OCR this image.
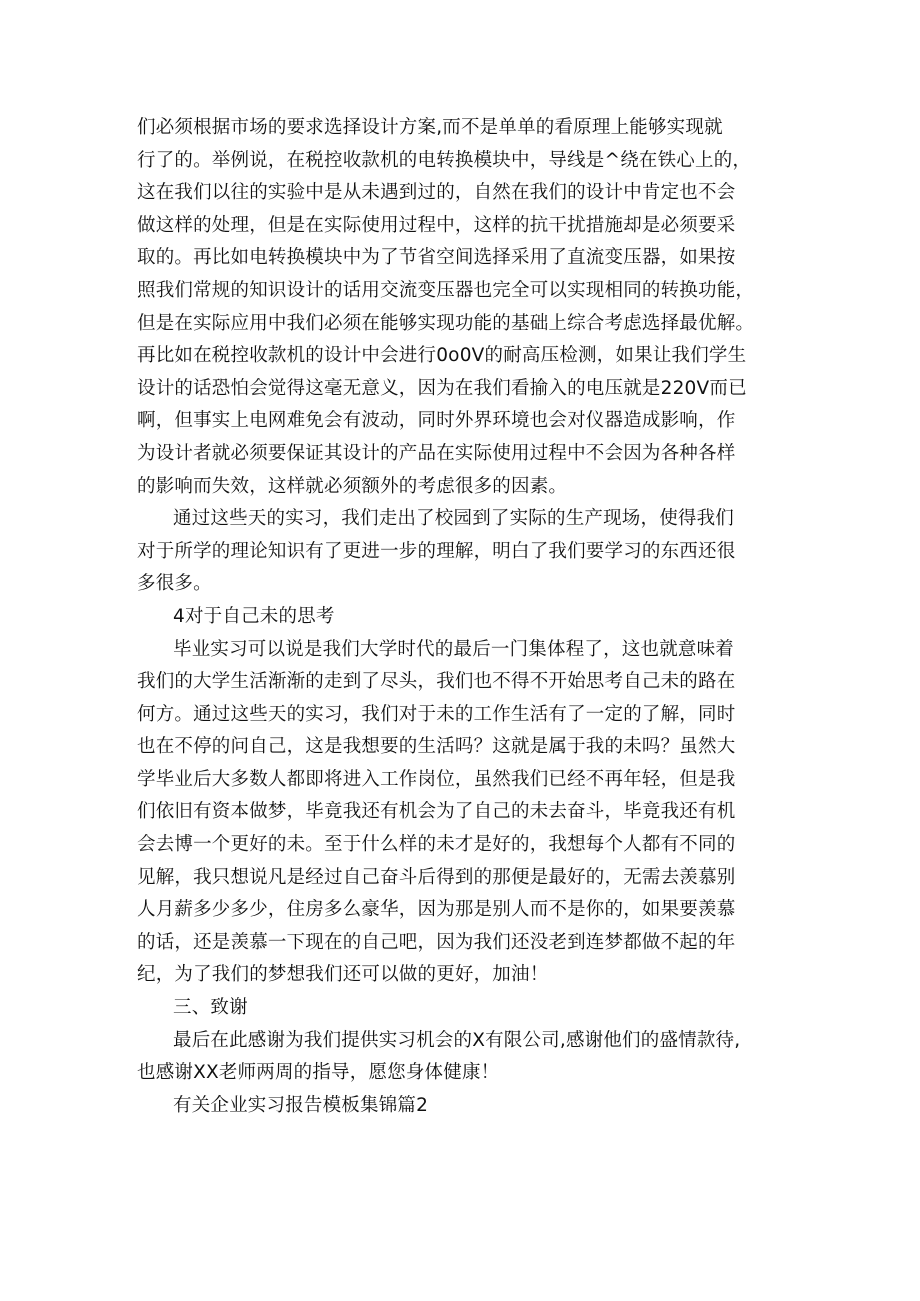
们必须根据市场的要求选择设计方案,而不是单单的看原理上能够实现就
行了的。举例说，在税控收款机的电转换模块中，导线是^绕在铁心上的，
这在我们以往的实验中是从未遇到过的，自然在我们的设计中肯定也不会
做这样的处理，但是在实际使用过程中，这样的抗干扰措施却是必须要采
取的。再比如电转换模块中为了节省空间选择采用了直流变压器，如果按
照我们常规的知识设计的话用交流变压器也完全可以实现相同的转换功能，
但是在实际应用中我们必须在能够实现功能的基础上综合考虑选择最优解。
再比如在税控收款机的设计中会进行0o0V的耐高压检测，如果让我们学生
设计的话恐怕会觉得这毫无意义，因为在我们看揄入的电压就是220V而已
啊，但事实上电网难免会有波动，同时外界环境也会对仪器造成影响，作
为设计者就必须要保证其设计的产品在实际使用过程中不会因为各种各样
的影响而失效，这样就必须额外的考虑很多的因素。
通过这些天的实习，我们走出了校园到了实际的生产现场，使得我们
对于所学的理论知识有了更进一步的理解，明白了我们要学习的东西还很
多很多。
4对于自己未的思考
毕业实习可以说是我们大学时代的最后一门集体程了，这也就意味着
我们的大学生活渐渐的走到了尽头，我们也不得不开始思考自己未的路在
何方。通过这些天的实习，我们对于未的工作生活有了一定的了解，同时
也在不停的问自己，这是我想要的生活吗？这就是属于我的未吗？虽然大
学毕业后大多数人都即将进入工作岗位，虽然我们已经不再年轻，但是我
们依旧有资本做梦，毕竟我还有机会为了自己的未去奋斗，毕竟我还有机
会去博一个更好的未。至于什么样的未才是好的，我想每个人都有不同的
见解，我只想说凡是经过自己奋斗后得到的那便是最好的，无需去羡慕别
人月薪多少多少，住房多么豪华，因为那是别人而不是你的，如果要羡慕
的话，还是羡慕一下现在的自己吧，因为我们还没老到连梦都做不起的年
纪，为了我们的梦想我们还可以做的更好，加油！
三、致谢
最后在此感谢为我们提供实习机会的X有限公司,感谢他们的盛情款待,
也感谢XX老师两周的指导，愿您身体健康！
有关企业实习报告模板集锦篇2
